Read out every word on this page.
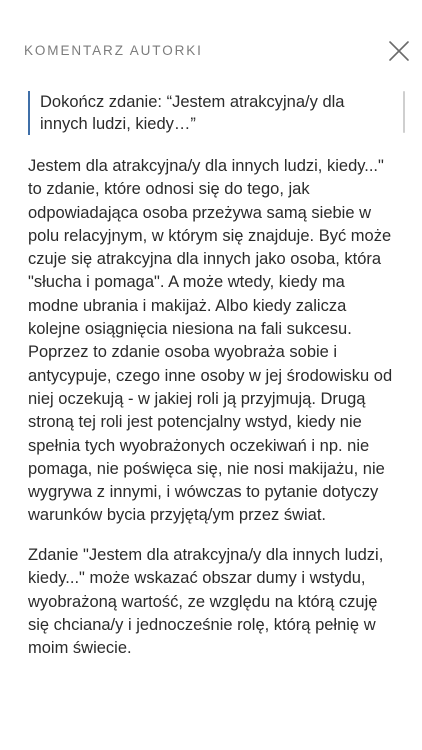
KOMENTARZ AUTORKI
Dokończ zdanie: “Jestem atrakcyjna/y dla innych ludzi, kiedy…”

Jestem dla atrakcyjna/y dla innych ludzi, kiedy..." to zdanie, które odnosi się do tego, jak odpowiadająca osoba przeżywa samą siebie w polu relacyjnym, w którym się znajduje. Być może czuje się atrakcyjna dla innych jako osoba, która "słucha i pomaga". A może wtedy, kiedy ma modne ubrania i makijaż. Albo kiedy zalicza kolejne osiągnięcia niesiona na fali sukcesu. Poprzez to zdanie osoba wyobraża sobie i antycypuje, czego inne osoby w jej środowisku od niej oczekują - w jakiej roli ją przyjmują. Drugą stroną tej roli jest potencjalny wstyd, kiedy nie spełnia tych wyobrażonych oczekiwań i np. nie pomaga, nie poświęca się, nie nosi makijażu, nie wygrywa z innymi, i wówczas to pytanie dotyczy warunków bycia przyjętą/ym przez świat.

Zdanie "Jestem dla atrakcyjna/y dla innych ludzi, kiedy..." może wskazać obszar dumy i wstydu, wyobrażoną wartość, ze względu na którą czuję się chciana/y i jednocześnie rolę, którą pełnię w moim świecie.
